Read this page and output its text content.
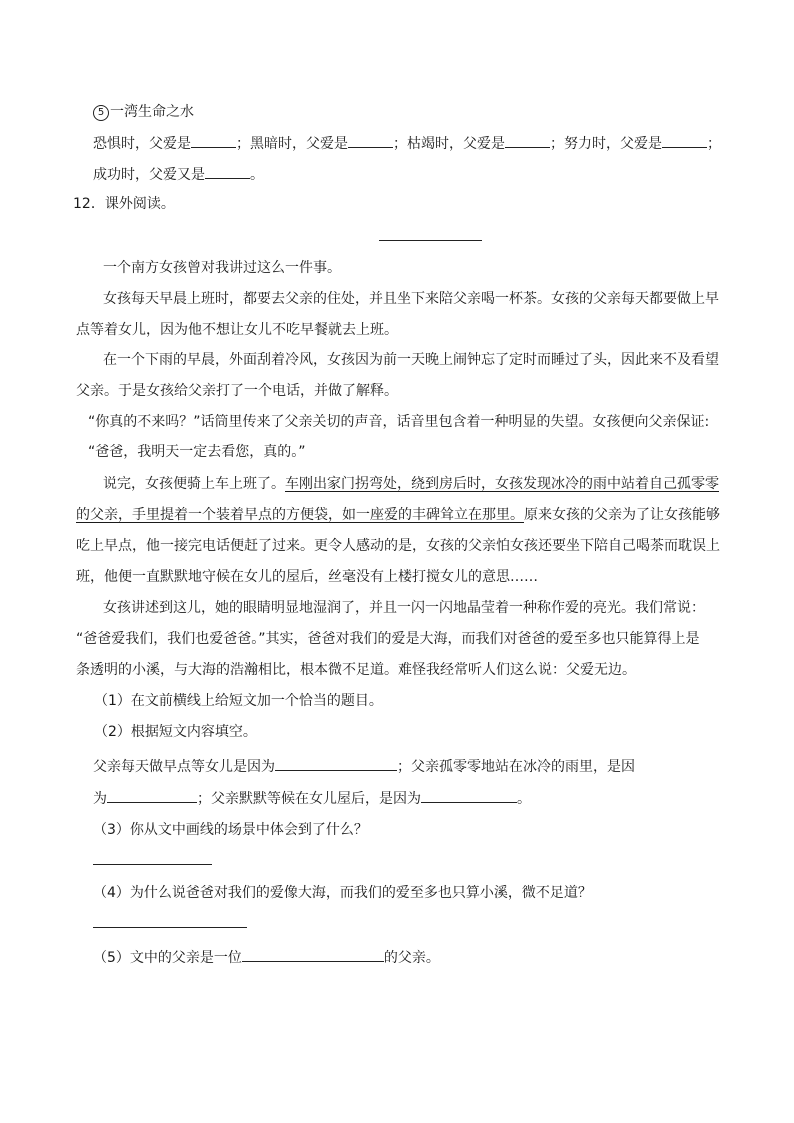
5 一湾生命之水
恐惧时，父爱是	；黑暗时，父爱是	；枯竭时，父爱是	；努力时，父爱是	；
成功时，父爱又是	。
12．课外阅读。
一个南方女孩曾对我讲过这么一件事。
女孩每天早晨上班时，都要去父亲的住处，并且坐下来陪父亲喝一杯茶。女孩的父亲每天都要做上早
点等着女儿，因为他不想让女儿不吃早餐就去上班。
在一个下雨的早晨，外面刮着冷风，女孩因为前一天晚上闹钟忘了定时而睡过了头，因此来不及看望
父亲。于是女孩给父亲打了一个电话，并做了解释。
“你真的不来吗？”话筒里传来了父亲关切的声音，话音里包含着一种明显的失望。女孩便向父亲保证:
“爸爸，我明天一定去看您，真的。”
说完，女孩便骑上车上班了。车刚出家门拐弯处，绕到房后时，女孩发现冰冷的雨中站着自己孤零零
的父亲，手里提着一个装着早点的方便袋，如一座爱的丰碑耸立在那里。原来女孩的父亲为了让女孩能够
吃上早点，他一接完电话便赶了过来。更令人感动的是，女孩的父亲怕女孩还要坐下陪自己喝茶而耽误上
班，他便一直默默地守候在女儿的屋后，丝毫没有上楼打搅女儿的意思……
女孩讲述到这儿，她的眼睛明显地湿润了，并且一闪一闪地晶莹着一种称作爱的亮光。我们常说：
“爸爸爱我们，我们也爱爸爸。”其实，爸爸对我们的爱是大海，而我们对爸爸的爱至多也只能算得上是
条透明的小溪，与大海的浩瀚相比，根本微不足道。难怪我经常听人们这么说：父爱无边。
（1）在文前横线上给短文加一个恰当的题目。
（2）根据短文内容填空。
父亲每天做早点等女儿是因为	；父亲孤零零地站在冰冷的雨里，是因
为	；父亲默默等候在女儿屋后，是因为	。
（3）你从文中画线的场景中体会到了什么？
（4）为什么说爸爸对我们的爱像大海，而我们的爱至多也只算小溪，微不足道？
（5）文中的父亲是一位	的父亲。
